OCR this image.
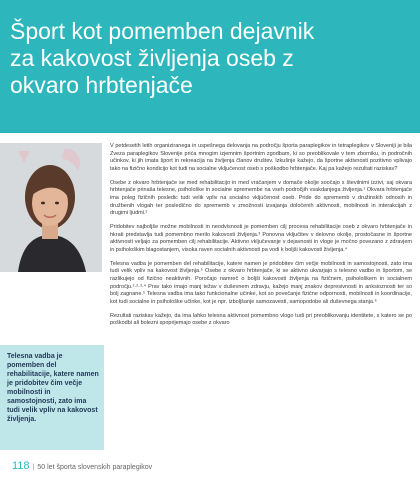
Šport kot pomemben dejavnik
za kakovost življenja oseb z
okvaro hrbtenjače

V petdesetih letih organiziranega in uspešnega delovanja na področju športa paraplegikov in tetraplegikov v Sloveniji je bila Zveza paraplegikov Slovenije prića mnogim izjemnim športnim zgodbam, ki so preoblikovale v tem zborniku, in področnih učinkov, ki jih imata šport in rekreacija na življenja članov društev. Izkušnje kažejo, da športne aktivnosti pozitivno vplivajo tako na fizično kondicijo kot tudi na socialne vključenost oseb s poškodbo hrbtenjače. Kaj pa kažejo rezultati raziskav?

Osebe z okvaro hrbtenjače se med rehabilitacijo in med vračanjem v domače okolje soočajo s številnimi izzivi, saj okvara hrbtenjače prinaša telesne, psihološke in socialne spremembe na vseh področjih vsakdanjega življenja.¹ Okvara hrbtenjače ima poleg fizičnih posledic tudi velik vpliv na socialno vključenost oseb. Pride do sprememb v družinskih odnosih in družbenih vlogah ter posledično do sprememb v zmožnosti izvajanja določenih aktivnosti, mobilnosti in interakcijah z drugimi ljudmi.²

Pridobitev najboljše možne mobilnosti in neodvisnosti je pomemben cilj procesa rehabilitacije oseb z okvaro hrbtenjače in hkrati predstavlja tudi pomembno merilo kakovosti življenja.³ Ponovna vključitev v delovno okolje, prostočasne in športne aktivnosti veljajo za pomemben cilj rehabilitacije. Aktivno vključevanje v dejavnosti in vloge je močno povezano z zdravjem in psihološkim blagostanjem, visoka raven socialnih aktivnosti pa vodi k boljši kakovosti življenja.⁴

Telesna vadba je pomemben del rehabilitacije, katere namen je pridobitev čim večje mobilnosti in samostojnosti, zato ima tudi velik vpliv na kakovost življenja.⁵ Osebe z okvaro hrbtenjače, ki se aktivno ukvarjajo s telesno vadbo in športom, se razlikujejo od fizično neaktivnih. Poročajo namreč o boljši kakovosti življenja na fizičnem, psihološkem in socialnem področju.¹·²·³·⁴ Prav tako imajo manj težav v duševnem zdravju, kažejo manj znakov depresivnosti in anksioznosti ter so bolj zagnane.⁵ Telesna vadba ima tako funkcionalne učinke, kot so povečanje fizične odpornosti, mobilnosti in koordinacije, kot tudi socialne in psihološke učinke, kot je npr. izboljšanje samozavesti, samopodobe ali duševnega stanja.⁶

Rezultati raziskav kažejo, da ima lahko telesna aktivnost pomembno vlogo tudi pri preoblikovanju identitete, s katero se po poškodbi ali bolezni spoprijemajo osebe z okvaro

Telesna vadba je pomemben del rehabilitacije, katere namen je pridobitev čim večje mobilnosti in samostojnosti, zato ima tudi velik vpliv na kakovost življenja.
118 | 50 let športa slovenskih paraplegikov
